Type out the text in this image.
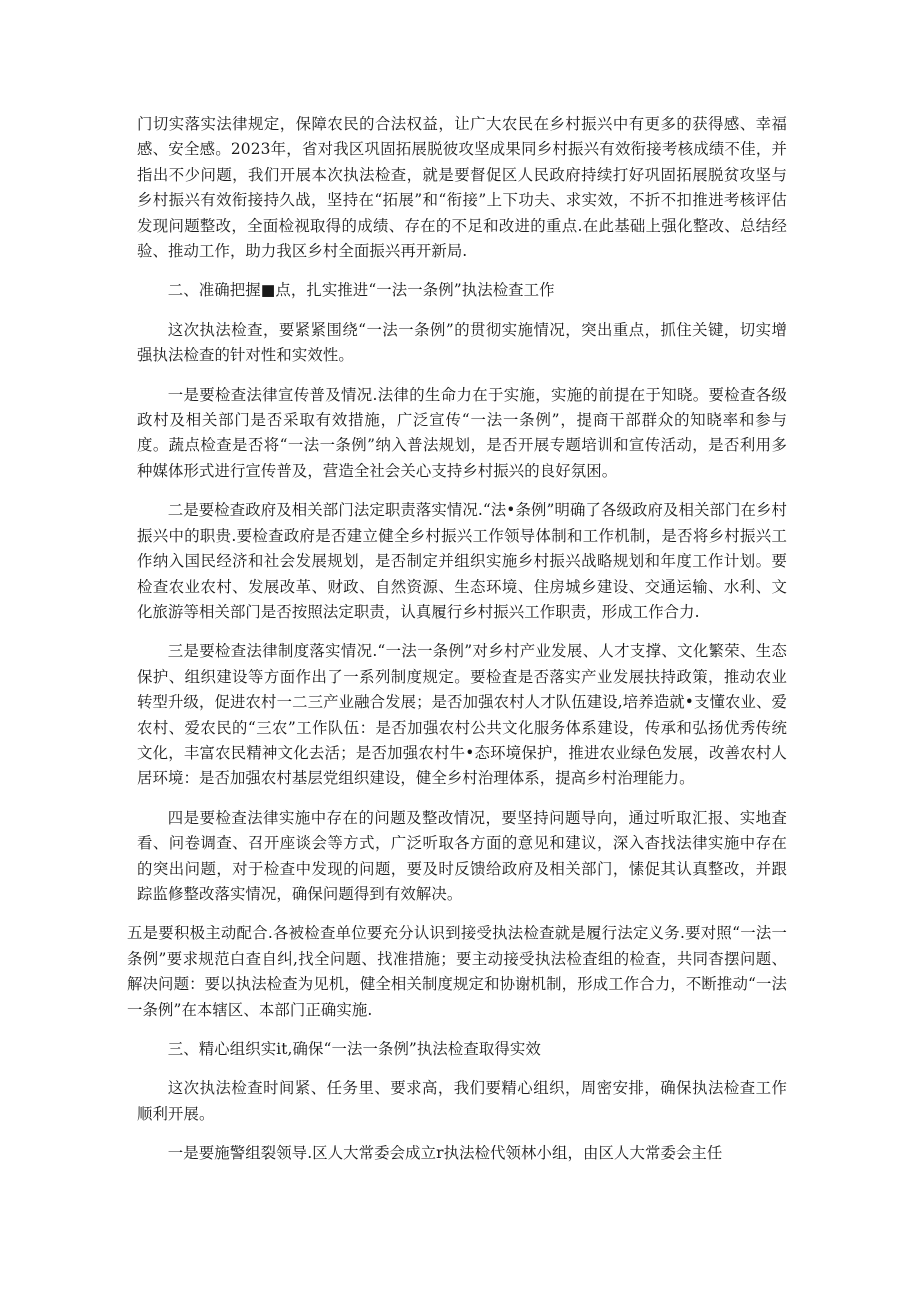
门切实落实法律规定，保障农民的合法权益，让广大农民在乡村振兴中有更多的获得感、幸福感、安全感。2023年，省对我区巩固拓展脱彼攻坚成果同乡村振兴有效衔接考核成绩不佳，并指出不少问题，我们开展本次执法检查，就是要督促区人民政府持续打好巩固拓展脱贫攻坚与乡村振兴有效衔接持久战，坚持在“拓展”和“衔接”上下功夫、求实效，不折不扣推进考核评估发现问题整改，全面检视取得的成绩、存在的不足和改进的重点.在此基础上强化整改、总结经验、推动工作，助力我区乡村全面振兴再开新局.

二、准确把握■点，扎实推进“一法一条例”执法检查工作

这次执法检查，要紧紧围绕“一法一条例”的贯彻实施情况，突出重点，抓住关键，切实增强执法检查的针对性和实效性。

一是要检查法律宣传普及情况.法律的生命力在于实施，实施的前提在于知晓。要检查各级政村及相关部门是否采取有效措施，广泛宣传“一法一条例”，提商干部群众的知晓率和参与度。蔬点检查是否将“一法一条例”纳入普法规划，是否开展专题培训和宣传活动，是否利用多种媒体形式进行宣传普及，营造全社会关心支持乡村振兴的良好氛困。

二是要检查政府及相关部门法定职责落实情况.“法•条例”明确了各级政府及相关部门在乡村振兴中的职贵.要检查政府是否建立健全乡村振兴工作领导体制和工作机制，是否将乡村振兴工作纳入国民经济和社会发展规划，是否制定并组织实施乡村振兴战略规划和年度工作计划。要检查农业农村、发展改革、财政、自然资源、生态环境、住房城乡建设、交通运输、水利、文化旅游等相关部门是否按照法定职责，认真履行乡村振兴工作职责，形成工作合力.

三是要检查法律制度落实情况.“一法一条例”对乡村产业发展、人才支撑、文化繁荣、生态保护、组织建设等方面作出了一系列制度规定。要检査是否落实产业发展扶持政策，推动农业转型升级，促进农村一二三产业融合发展；是否加强农村人才队伍建设,培养造就•支懂农业、爱农村、爱农民的“三农”工作队伍：是否加强农村公共文化服务体系建设，传承和弘扬优秀传统文化，丰富农民精神文化去活；是否加强农村牛•态环境保护，推进农业绿色发展，改善农村人居环境：是否加强农村基层党组织建设，健全乡村治理体系，提高乡村治理能力。

四是要检查法律实施中存在的问题及整改情况，要坚持问题导向，通过听取汇报、实地査看、问卷调查、召开座谈会等方式，广泛听取各方面的意见和建议，深入杳找法律实施中存在的突出问题，对于检查中发现的问题，要及时反馈给政府及相关部门，愫促其认真整改，并跟踪监修整改落实情况，确保问题得到有效解决。

五是要积极主动配合.各被检查单位要充分认识到接受执法检查就是履行法定义务.要对照“一法一条例”要求规范白查自纠,找全问题、找准措施；要主动接受执法检査组的检查，共同杳摆问题、解决问题：要以执法检查为见机，健全相关制度规定和协谢机制，形成工作合力，不断推动“一法一条例”在本辖区、本部门正确实施.

三、精心组织实it,确保“一法一条例”执法检查取得实效

这次执法检查时间紧、任务里、要求高，我们要精心组织，周密安排，确保执法检查工作顺利开展。

一是要施警组裂领导.区人大常委会成立r执法检代领林小组，由区人大常委会主任
